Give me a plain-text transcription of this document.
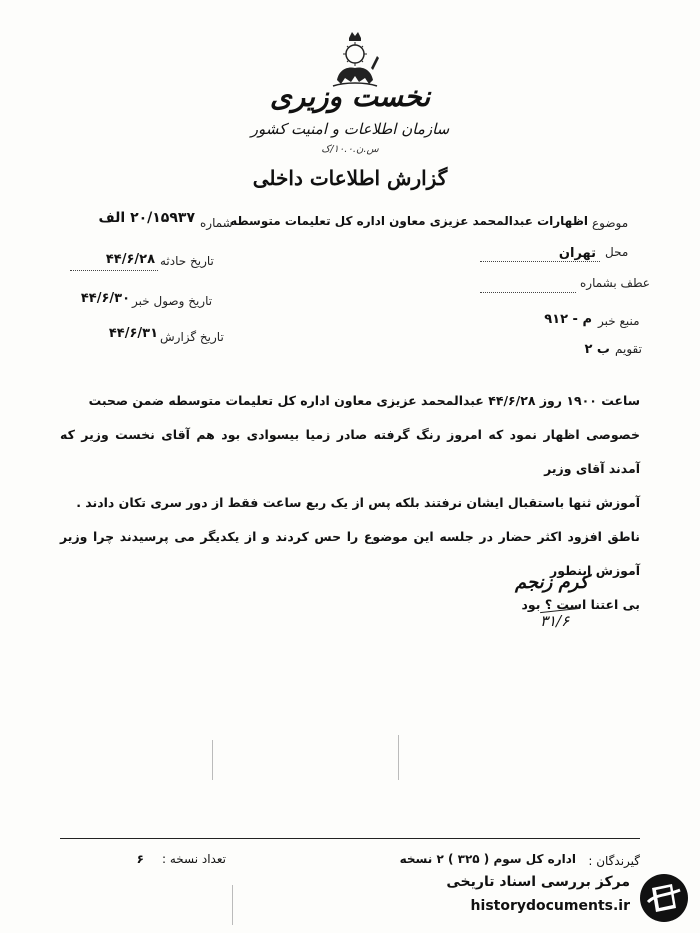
نخست وزیری
سازمان اطلاعات و امنیت کشور
س.ن.۱۰.۰/ک
گزارش اطلاعات داخلی
موضوع
اظهارات عبدالمحمد عزیزی معاون اداره کل تعلیمات متوسطه
شماره
۲۰/۱۵۹۳۷ الف
محل
تهران
تاریخ حادثه
۴۴/۶/۲۸
عطف بشماره
تاریخ وصول خبر
۴۴/۶/۳۰
منبع خبر
م - ۹۱۲
تاریخ گزارش
۴۴/۶/۳۱
تقویم
ب ۲

ساعت ۱۹۰۰ روز ۴۴/۶/۲۸ عبدالمحمد عزیزی معاون اداره کل تعلیمات متوسطه ضمن صحبت

خصوصی اظهار نمود که امروز رنگ گرفته صادر زمیا بیسوادی بود هم آقای نخست وزیر که آمدند آقای وزیر

آموزش ثنها باستقبال ایشان نرفتند بلکه پس از یک ربع ساعت فقط از دور سری تکان دادند .

ناطق افزود اکثر حضار در جلسه این موضوع را حس کردند و از یکدیگر می پرسیدند چرا وزیر آموزش اینطور

بی اعتنا است ؟ بود

کرم زنجم
۳۱/۶
گیرندگان :
اداره کل سوم ( ۳۲۵ ) ۲ نسخه
تعداد نسخه :
۶
مرکز بررسی اسناد تاریخی
historydocuments.ir
